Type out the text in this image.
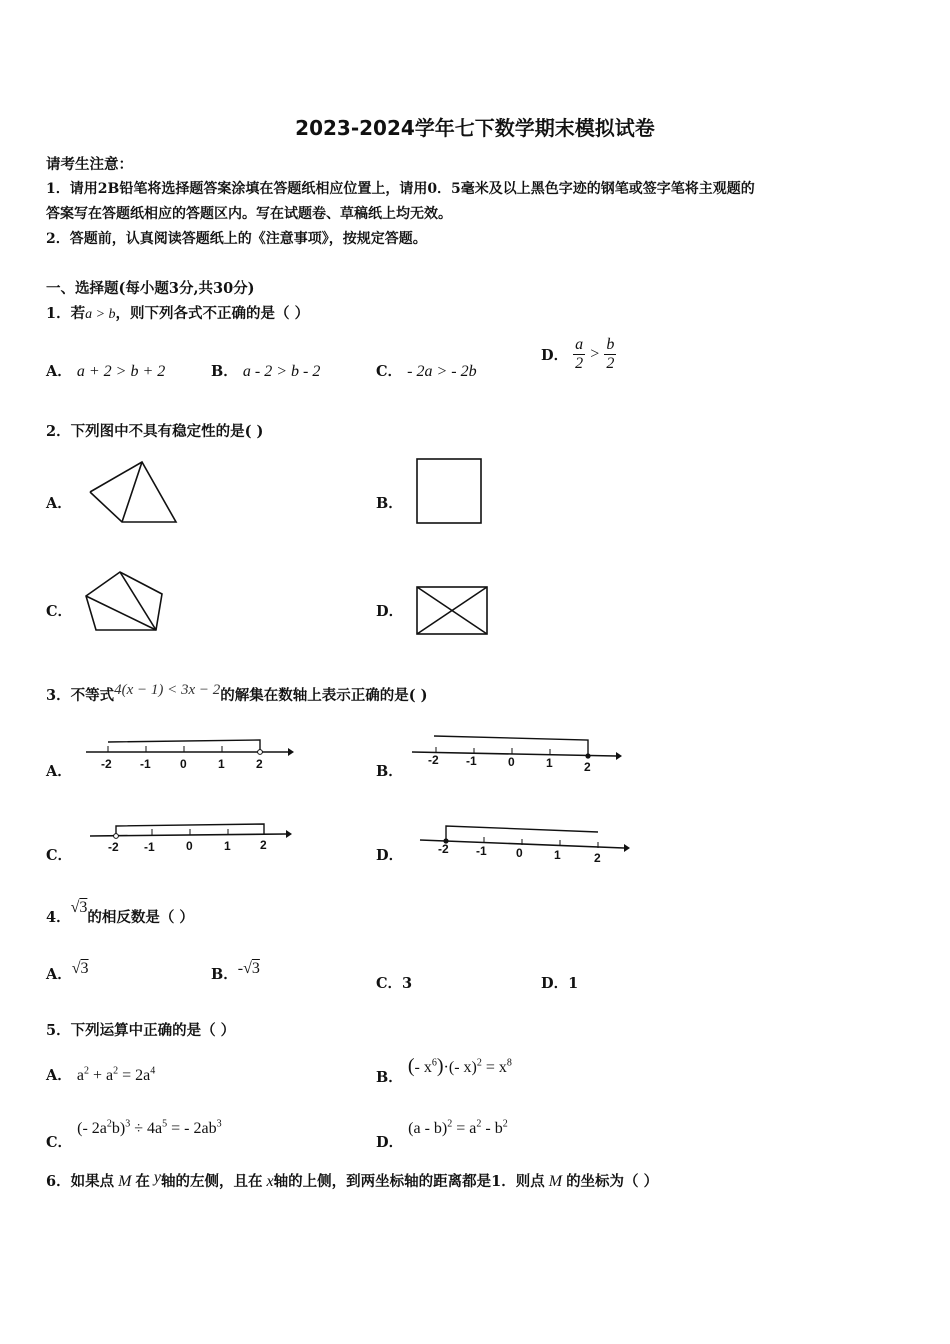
2023-2024学年七下数学期末模拟试卷
请考生注意：
1．请用2B铅笔将选择题答案涂填在答题纸相应位置上，请用0．5毫米及以上黑色字迹的钢笔或签字笔将主观题的
答案写在答题纸相应的答题区内。写在试题卷、草稿纸上均无效。
2．答题前，认真阅读答题纸上的《注意事项》，按规定答题。
一、选择题(每小题3分,共30分)
1．若a > b，则下列各式不正确的是（ ）
A． a + 2 > b + 2	B． a - 2 > b - 2	C． - 2a > - 2b
D． $\frac{a}{2} > \frac{b}{2}$
2．下列图中不具有稳定性的是( )
A．	B．
C．	D．
3．不等式4(x − 1) < 3x − 2的解集在数轴上表示正确的是( )
A． -2 -1 0	1	2	B．
-2 -1	0	1	2
C．	-2 -1	0	1 2
D．	-2 -1 0	1	2
4．√3的相反数是（ ）
A．√3	B．-√3
C．3	D．1
5．下列运算中正确的是（ ）
A． $a^2 + a^2 = 2a^4$	B． (- $x^6)\cdot(-$ $x)^2 = x^8$
C． (- $2a^2b)^3 \div 4a^5$ = - $2ab^3$
D． $(a - b)^2 = a^2 - b^2$
6．如果点 M 在 y轴的左侧，且在 x轴的上侧，到两坐标轴的距离都是1．则点 M 的坐标为（ ）
